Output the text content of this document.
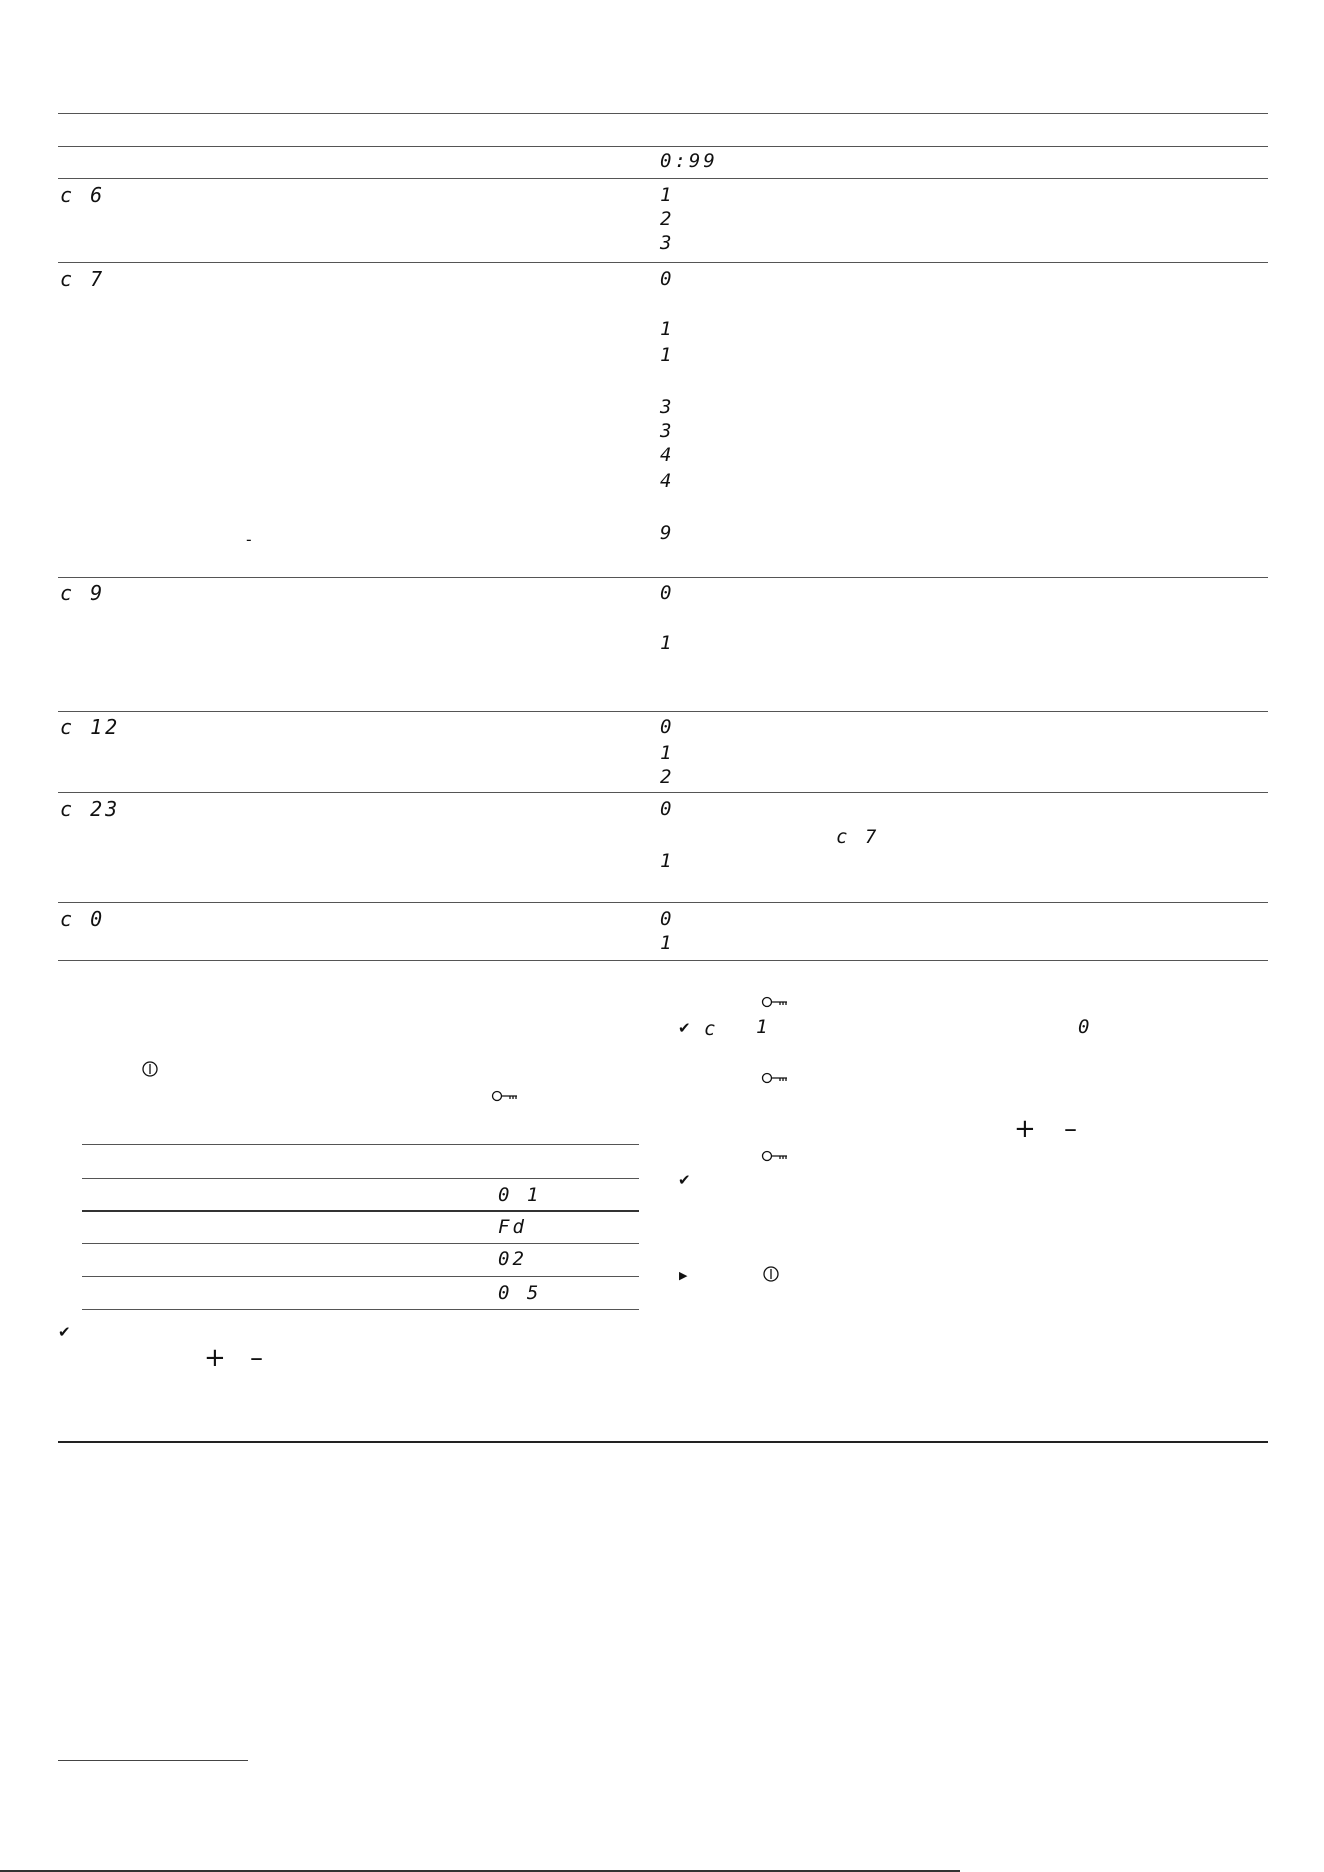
0:99
c 6	1
2
3
c 7	0
1
1
3
3
4
4
9
-
c 9	0
1
c 12	0
1
2
c 23	0
c 7
1
c 0	0
1
0 1
Fd
02
0 5
✔
+ –
✔ c 1	0
+ –
✔
▶
